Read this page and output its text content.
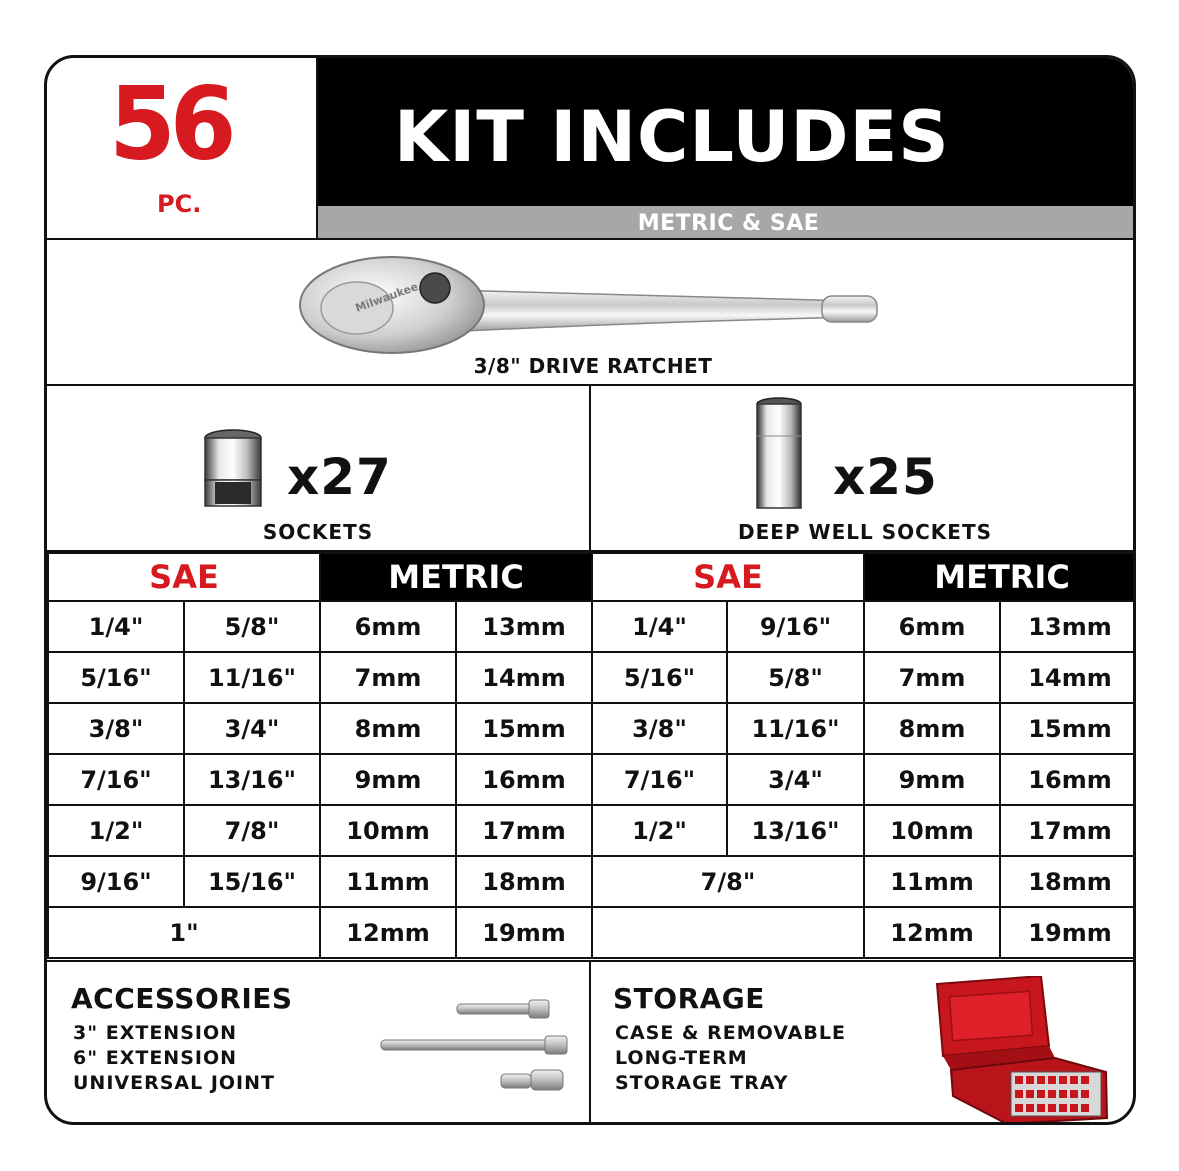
56
PC.
KIT INCLUDES
METRIC & SAE
Milwaukee
3/8" DRIVE RATCHET
x27
SOCKETS
x25
DEEP WELL SOCKETS
SAE		METRIC	
1/4"	5/8"	6mm	13mm
5/16"	11/16"	7mm	14mm
3/8"	3/4"	8mm	15mm
7/16"	13/16"	9mm	16mm
1/2"	7/8"	10mm	17mm
9/16"	15/16"	11mm	18mm
1"		12mm	19mm
SAE		METRIC	
1/4"	9/16"	6mm	13mm
5/16"	5/8"	7mm	14mm
3/8"	11/16"	8mm	15mm
7/16"	3/4"	9mm	16mm
1/2"	13/16"	10mm	17mm
7/8"		11mm	18mm
		12mm	19mm
ACCESSORIES
3" EXTENSION
6" EXTENSION
UNIVERSAL JOINT
STORAGE
CASE & REMOVABLE
LONG-TERM
STORAGE TRAY
